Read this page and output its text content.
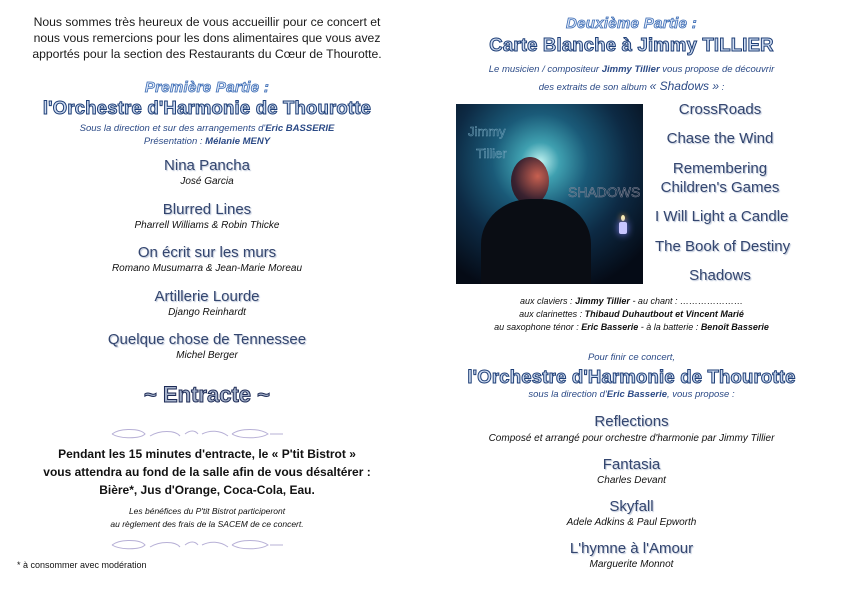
Nous sommes très heureux de vous accueillir pour ce concert et
nous vous remercions pour les dons alimentaires que vous avez
apportés pour la section des Restaurants du Cœur de Thourotte.
Première Partie :
l'Orchestre d'Harmonie de Thourotte
Sous la direction et sur des arrangements d'Eric BASSERIE
Présentation : Mélanie MENY
Nina Pancha
José Garcia
Blurred Lines
Pharrell Williams & Robin Thicke
On écrit sur les murs
Romano Musumarra & Jean-Marie Moreau
Artillerie Lourde
Django Reinhardt
Quelque chose de Tennessee
Michel Berger
~ Entracte ~
Pendant les 15 minutes d'entracte, le « P'tit Bistrot »
vous attendra au fond de la salle afin de vous désaltérer :
Bière*, Jus d'Orange, Coca-Cola, Eau.
Les bénéfices du P'tit Bistrot participeront
au règlement des frais de la SACEM de ce concert.
* à consommer avec modération
Deuxième Partie :
Carte Blanche à Jimmy TILLIER
Le musicien / compositeur Jimmy Tillier vous propose de découvrir
des extraits de son album « Shadows » :
Jimmy
Tillier
SHADOWS
CrossRoads
Chase the Wind
Remembering
Children's Games
I Will Light a Candle
The Book of Destiny
Shadows
aux claviers : Jimmy Tillier - au chant : …………………
aux clarinettes : Thibaud Duhautbout et Vincent Marié
au saxophone ténor : Eric Basserie - à la batterie : Benoît Basserie
Pour finir ce concert,
l'Orchestre d'Harmonie de Thourotte
sous la direction d'Eric Basserie, vous propose :
Reflections
Composé et arrangé pour orchestre d'harmonie par Jimmy Tillier
Fantasia
Charles Devant
Skyfall
Adele Adkins & Paul Epworth
L'hymne à l'Amour
Marguerite Monnot
